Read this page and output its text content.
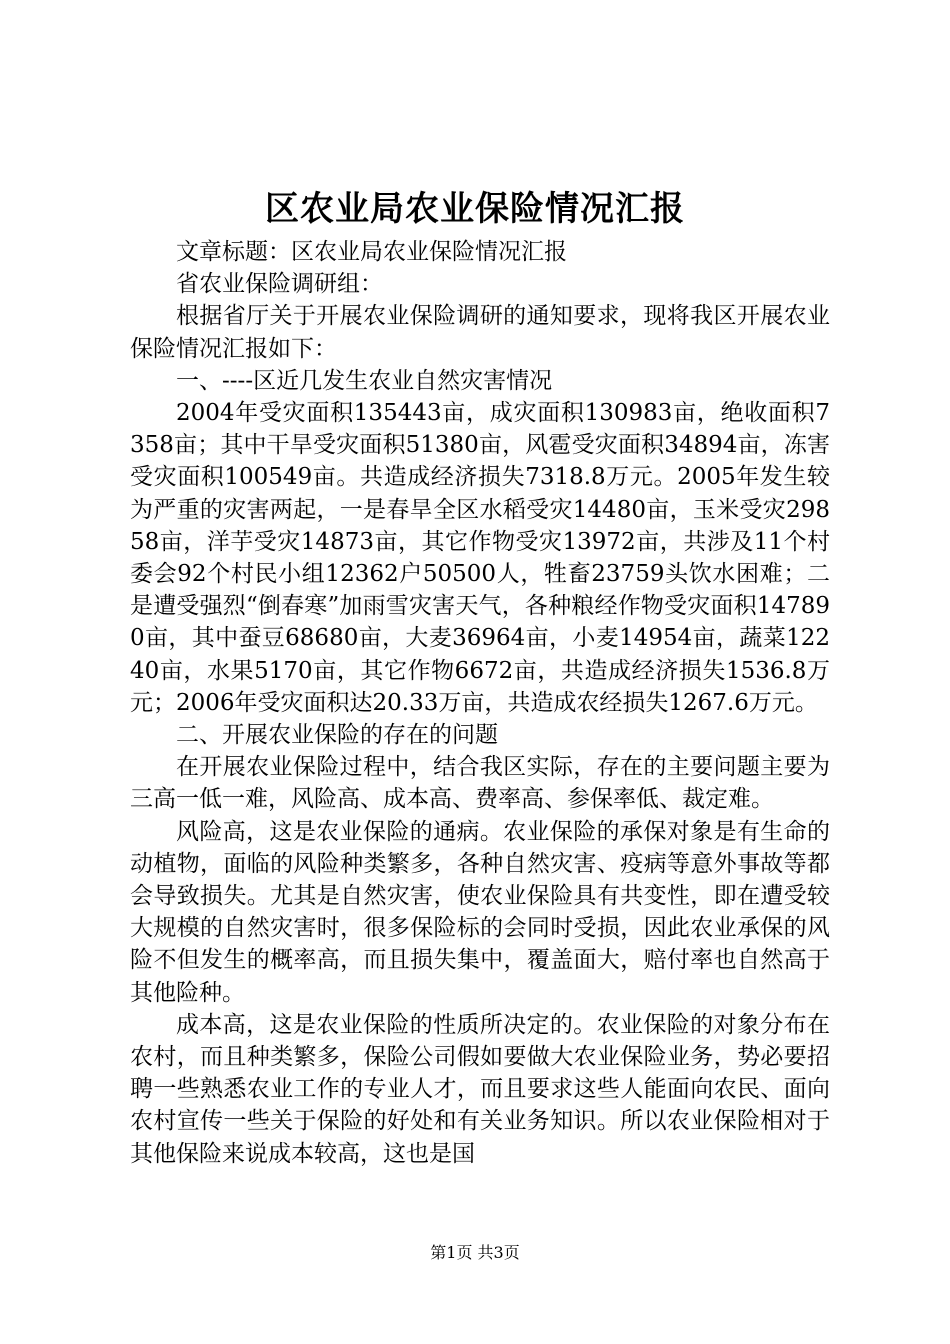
区农业局农业保险情况汇报

文章标题：区农业局农业保险情况汇报

省农业保险调研组：

根据省厅关于开展农业保险调研的通知要求，现将我区开展农业保险情况汇报如下：

一、----区近几发生农业自然灾害情况

2004年受灾面积135443亩，成灾面积130983亩，绝收面积7358亩；其中干旱受灾面积51380亩，风雹受灾面积34894亩，冻害受灾面积100549亩。共造成经济损失7318.8万元。2005年发生较为严重的灾害两起，一是春旱全区水稻受灾14480亩，玉米受灾29858亩，洋芋受灾14873亩，其它作物受灾13972亩，共涉及11个村委会92个村民小组12362户50500人，牲畜23759头饮水困难；二是遭受强烈“倒春寒”加雨雪灾害天气，各种粮经作物受灾面积147890亩，其中蚕豆68680亩，大麦36964亩，小麦14954亩，蔬菜12240亩，水果5170亩，其它作物6672亩，共造成经济损失1536.8万元；2006年受灾面积达20.33万亩，共造成农经损失1267.6万元。

二、开展农业保险的存在的问题

在开展农业保险过程中，结合我区实际，存在的主要问题主要为三高一低一难，风险高、成本高、费率高、参保率低、裁定难。

风险高，这是农业保险的通病。农业保险的承保对象是有生命的动植物，面临的风险种类繁多，各种自然灾害、疫病等意外事故等都会导致损失。尤其是自然灾害，使农业保险具有共变性，即在遭受较大规模的自然灾害时，很多保险标的会同时受损，因此农业承保的风险不但发生的概率高，而且损失集中，覆盖面大，赔付率也自然高于其他险种。

成本高，这是农业保险的性质所决定的。农业保险的对象分布在农村，而且种类繁多，保险公司假如要做大农业保险业务，势必要招聘一些熟悉农业工作的专业人才，而且要求这些人能面向农民、面向农村宣传一些关于保险的好处和有关业务知识。所以农业保险相对于其他保险来说成本较高，这也是国

第1页 共3页
